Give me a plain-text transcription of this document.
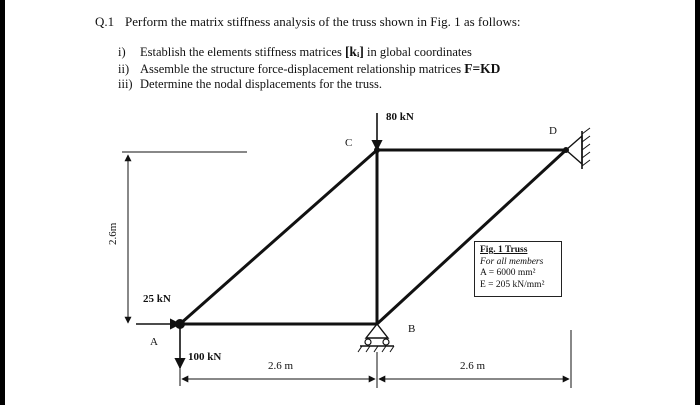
Q.1 Perform the matrix stiffness analysis of the truss shown in Fig. 1 as follows:
i) Establish the elements stiffness matrices [kᵢ] in global coordinates
ii) Assemble the structure force-displacement relationship matrices F=KD
iii) Determine the nodal displacements for the truss.
80 kN
25 kN
100 kN
A
B
C
D
2.6m
2.6 m	2.6 m
Fig. 1 Truss
For all members
A = 6000 mm²
E = 205 kN/mm²
